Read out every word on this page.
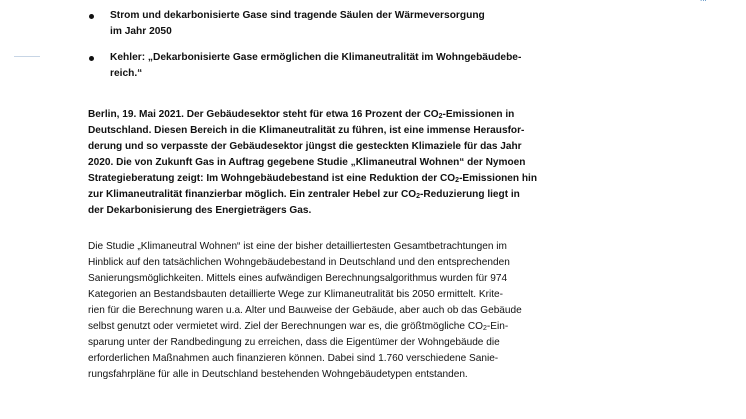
Strom und dekarbonisierte Gase sind tragende Säulen der Wärmeversorgung
im Jahr 2050
Kehler: „Dekarbonisierte Gase ermöglichen die Klimaneutralität im Wohngebäudebe-
reich.“
Berlin, 19. Mai 2021. Der Gebäudesektor steht für etwa 16 Prozent der $CO_2$-Emissionen in
Deutschland. Diesen Bereich in die Klimaneutralität zu führen, ist eine immense Herausfor-
derung und so verpasste der Gebäudesektor jüngst die gesteckten Klimaziele für das Jahr
2020. Die von Zukunft Gas in Auftrag gegebene Studie „Klimaneutral Wohnen“ der Nymoen
Strategieberatung zeigt: Im Wohngebäudebestand ist eine Reduktion der $CO_2$-Emissionen hin
zur Klimaneutralität finanzierbar möglich. Ein zentraler Hebel zur $CO_2$-Reduzierung liegt in
der Dekarbonisierung des Energieträgers Gas.
Die Studie „Klimaneutral Wohnen“ ist eine der bisher detailliertesten Gesamtbetrachtungen im
Hinblick auf den tatsächlichen Wohngebäudebestand in Deutschland und den entsprechenden
Sanierungsmöglichkeiten. Mittels eines aufwändigen Berechnungsalgorithmus wurden für 974
Kategorien an Bestandsbauten detaillierte Wege zur Klimaneutralität bis 2050 ermittelt. Krite-
rien für die Berechnung waren u.a. Alter und Bauweise der Gebäude, aber auch ob das Gebäude
selbst genutzt oder vermietet wird. Ziel der Berechnungen war es, die größtmögliche $CO_2-Ein-$
sparung unter der Randbedingung zu erreichen, dass die Eigentümer der Wohngebäude die
erforderlichen Maßnahmen auch finanzieren können. Dabei sind 1.760 verschiedene Sanie-
rungsfahrpläne für alle in Deutschland bestehenden Wohngebäudetypen entstanden.
